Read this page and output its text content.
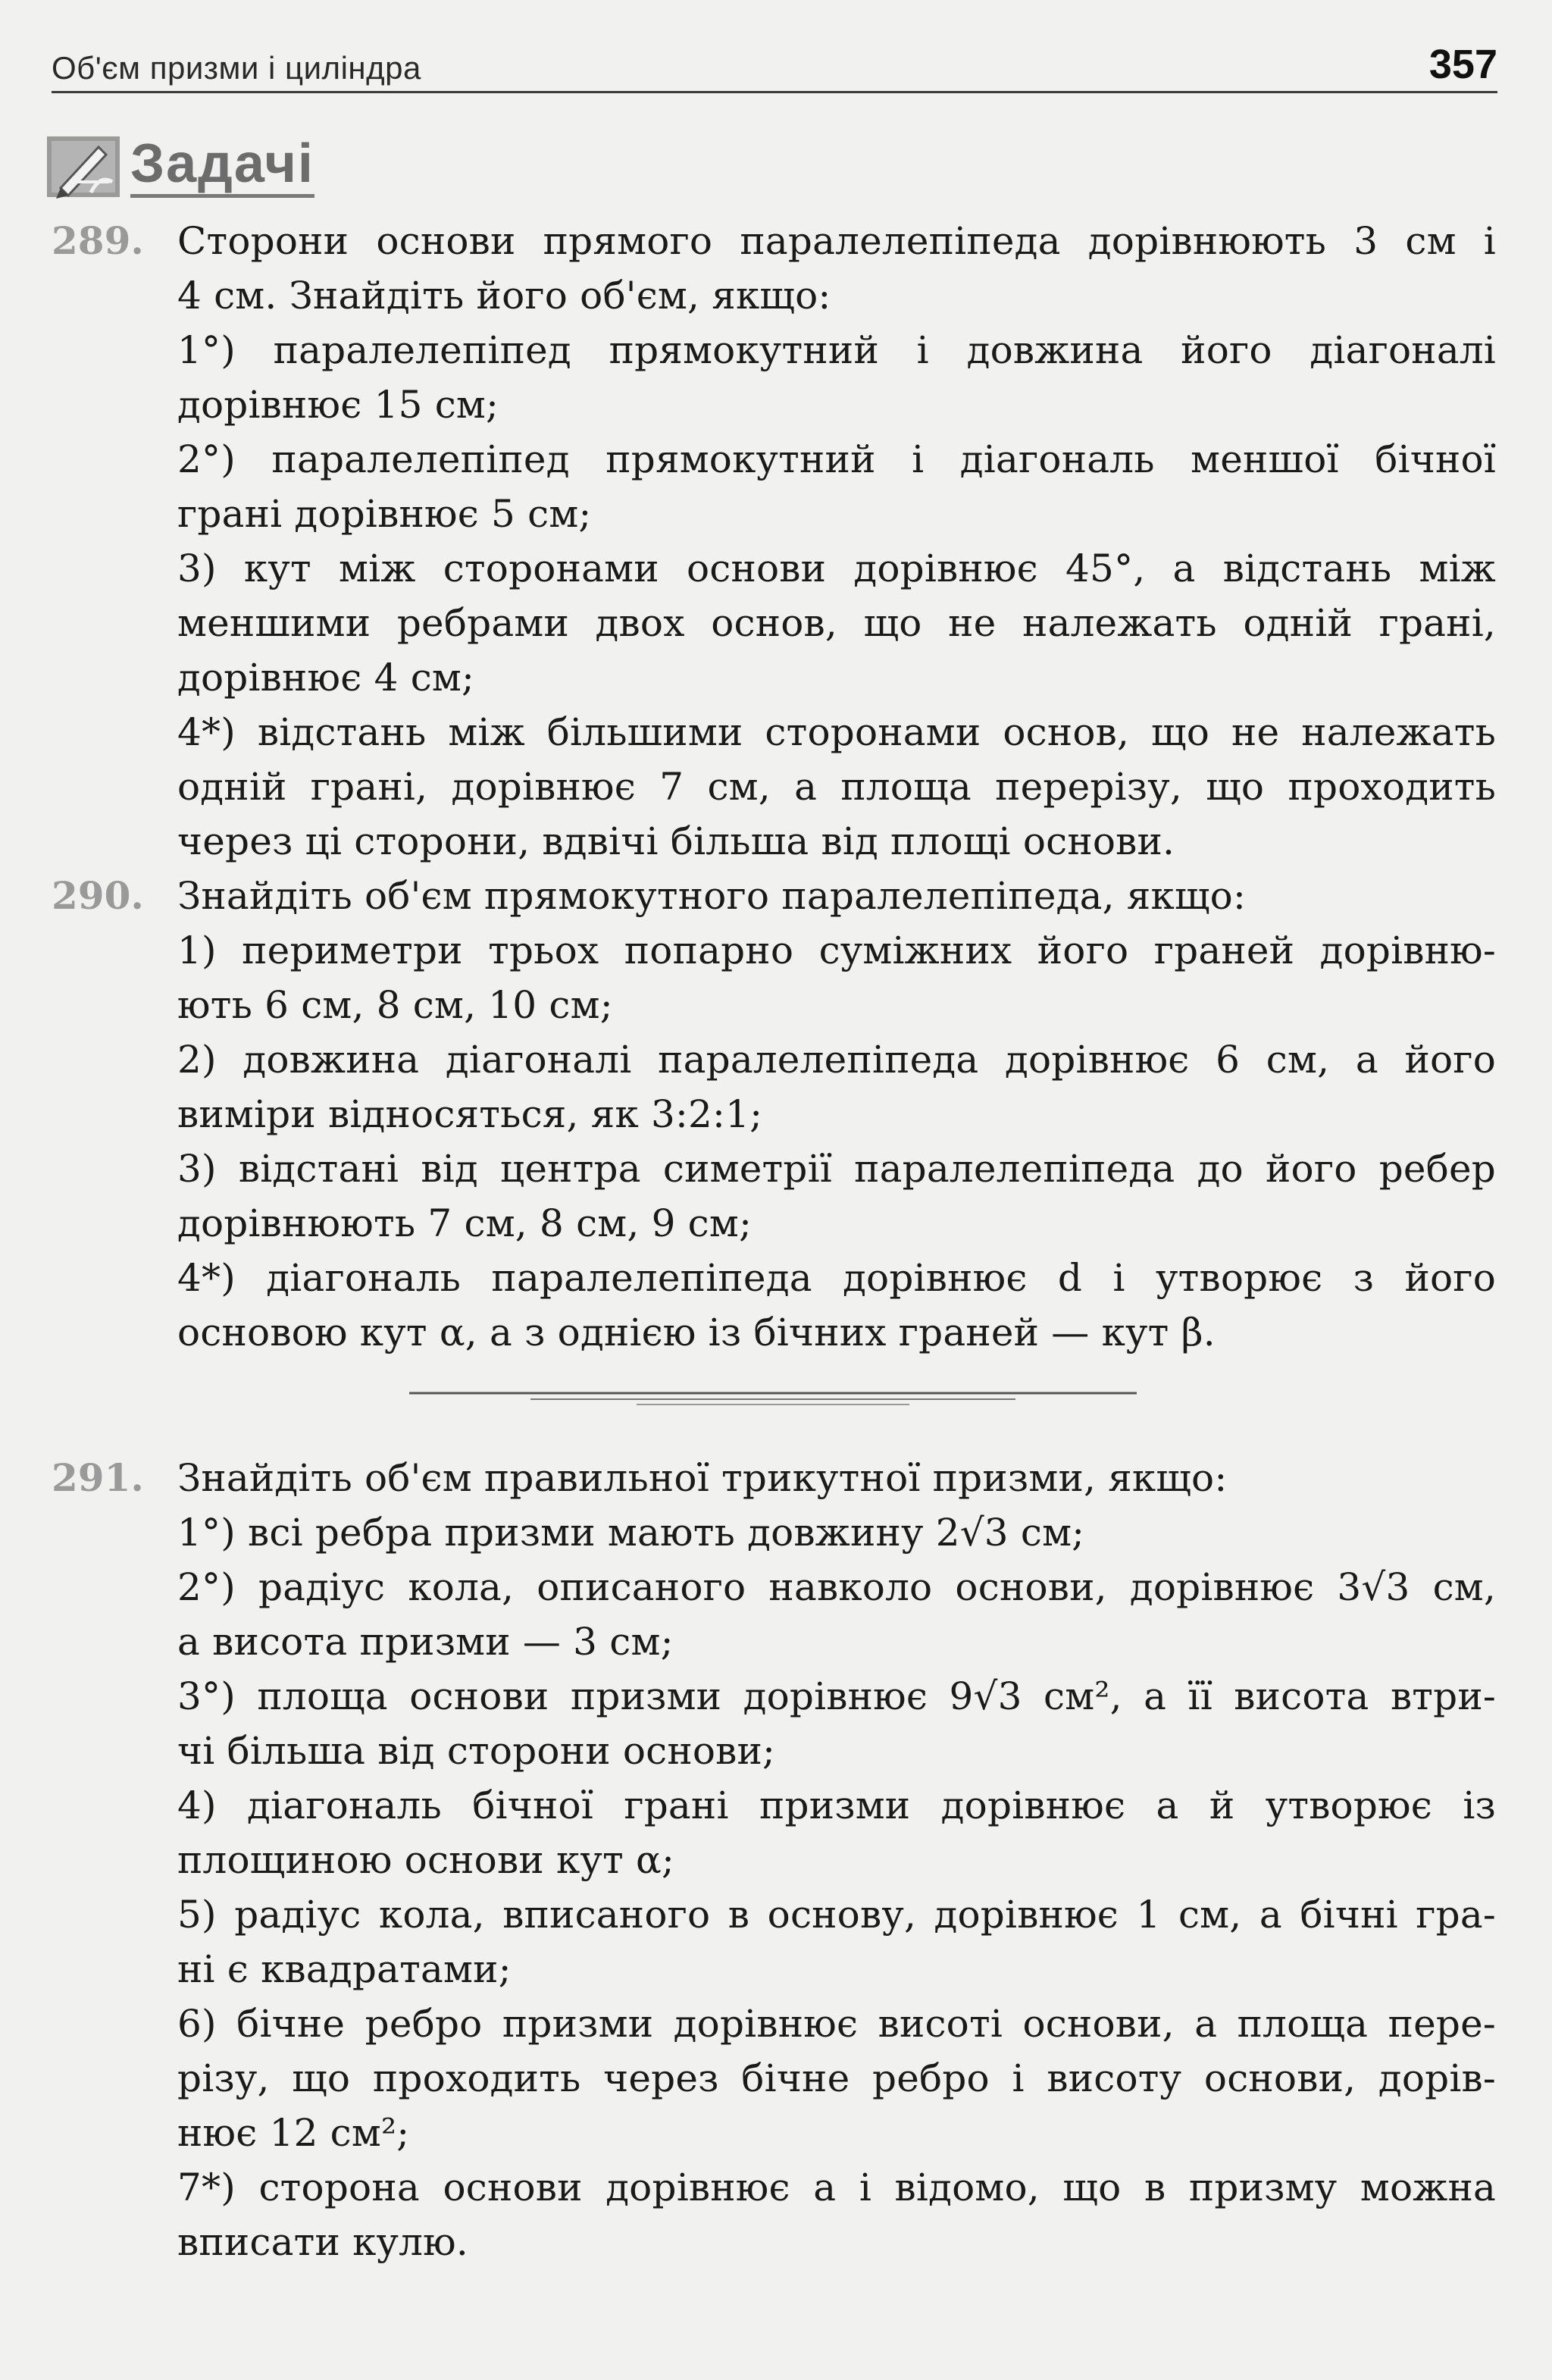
Об'єм призми і циліндра	357
Задачі
289. Сторони основи прямого паралелепіпеда дорівнюють 3 см і
4 см. Знайдіть його об'єм, якщо:
1°) паралелепіпед прямокутний і довжина його діагоналі
дорівнює 15 см;
2°) паралелепіпед прямокутний і діагональ меншої бічної
грані дорівнює 5 см;
3) кут між сторонами основи дорівнює 45°, а відстань між
меншими ребрами двох основ, що не належать одній грані,
дорівнює 4 см;
4*) відстань між більшими сторонами основ, що не належать
одній грані, дорівнює 7 см, а площа перерізу, що проходить
через ці сторони, вдвічі більша від площі основи.
290. Знайдіть об'єм прямокутного паралелепіпеда, якщо:
1) периметри трьох попарно суміжних його граней дорівню-
ють 6 см, 8 см, 10 см;
2) довжина діагоналі паралелепіпеда дорівнює 6 см, а його
виміри відносяться, як 3:2:1;
3) відстані від центра симетрії паралелепіпеда до його ребер
дорівнюють 7 см, 8 см, 9 см;
4*) діагональ паралелепіпеда дорівнює d і утворює з його
основою кут α, а з однією із бічних граней — кут β.
291. Знайдіть об'єм правильної трикутної призми, якщо:
1°) всі ребра призми мають довжину 2√3 см;
2°) радіус кола, описаного навколо основи, дорівнює 3√3 см,
а висота призми — 3 см;
3°) площа основи призми дорівнює 9√3 см², а її висота втри-
чі більша від сторони основи;
4) діагональ бічної грані призми дорівнює a й утворює із
площиною основи кут α;
5) радіус кола, вписаного в основу, дорівнює 1 см, а бічні гра-
ні є квадратами;
6) бічне ребро призми дорівнює висоті основи, а площа пере-
різу, що проходить через бічне ребро і висоту основи, дорів-
нює 12 см²;
7*) сторона основи дорівнює a і відомо, що в призму можна
вписати кулю.
